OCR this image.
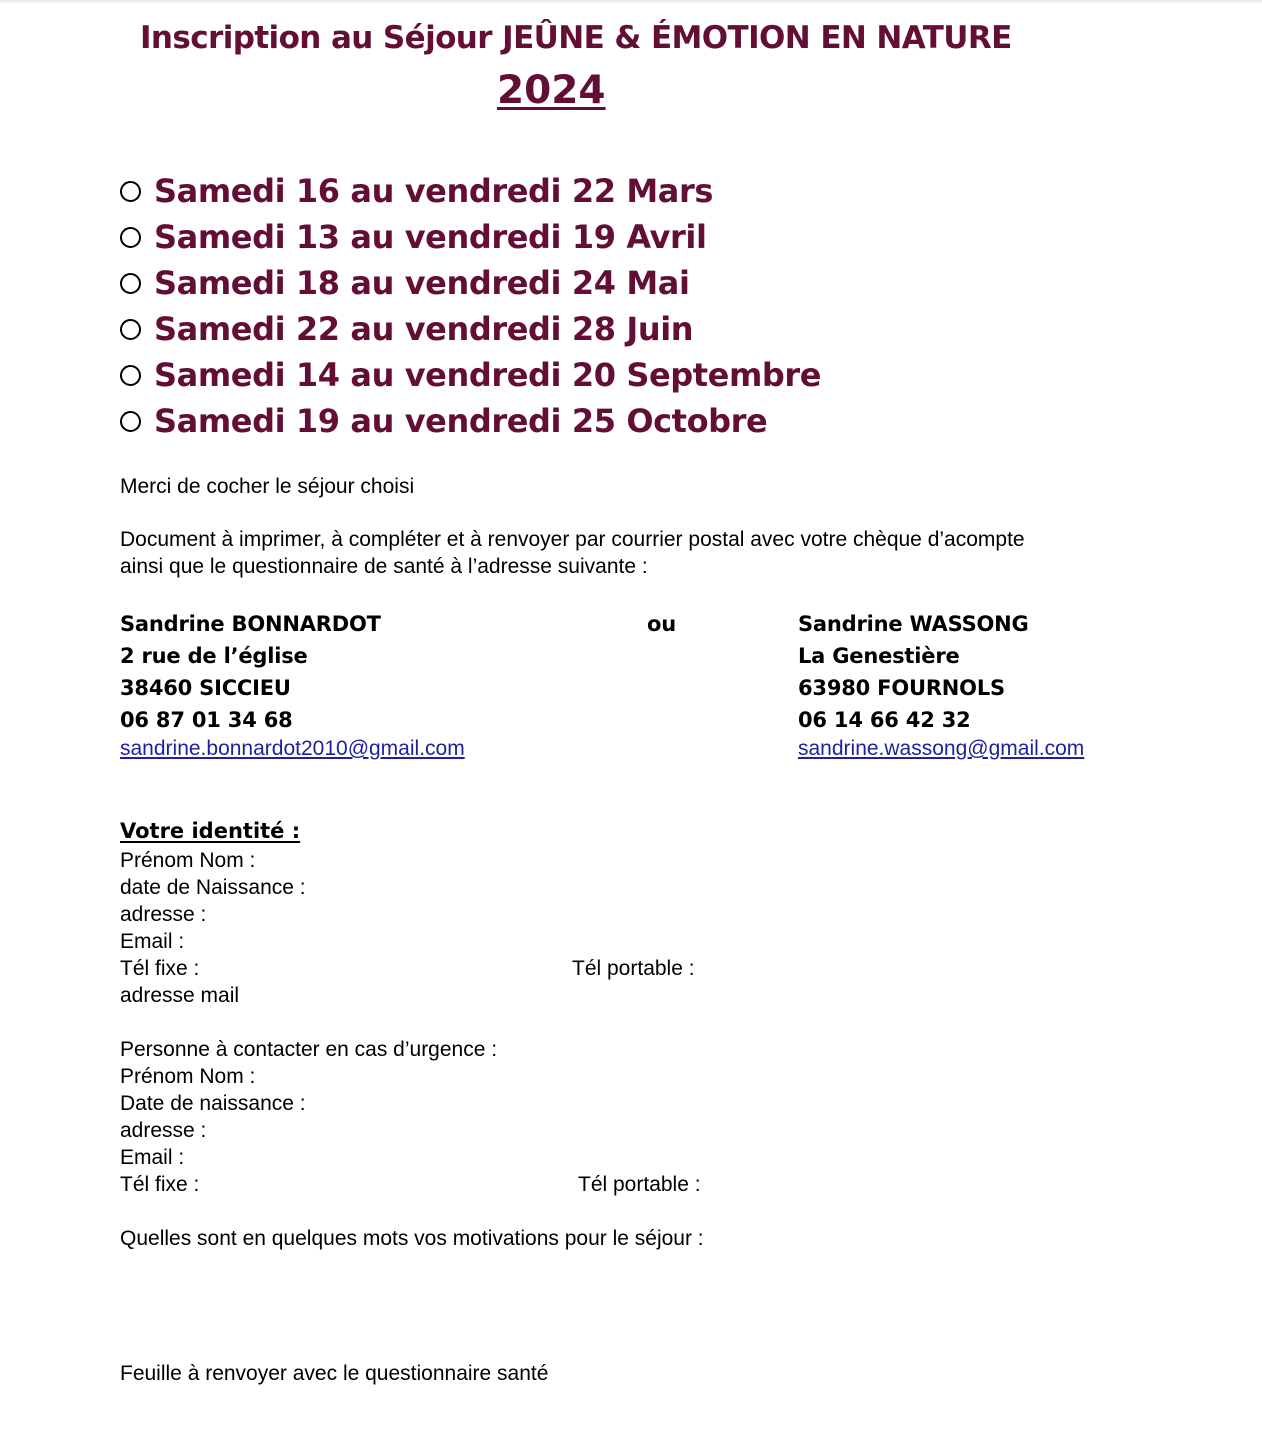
Inscription au Séjour JEÛNE & ÉMOTION EN NATURE
2024
Samedi 16 au vendredi 22 Mars
Samedi 13 au vendredi 19 Avril
Samedi 18 au vendredi 24 Mai
Samedi 22 au vendredi 28 Juin
Samedi 14 au vendredi 20 Septembre
Samedi 19 au vendredi 25 Octobre
Merci de cocher le séjour choisi
Document à imprimer, à compléter et à renvoyer par courrier postal avec votre chèque d’acompte
ainsi que le questionnaire de santé à l’adresse suivante :
Sandrine BONNARDOT
2 rue de l’église
38460 SICCIEU
06 87 01 34 68
sandrine.bonnardot2010@gmail.com
ou	Sandrine WASSONG
La Genestière
63980 FOURNOLS
06 14 66 42 32
sandrine.wassong@gmail.com
Votre identité :
Prénom Nom :
date de Naissance :
adresse :
Email :
Tél fixe :
adresse mail
Tél portable :
Personne à contacter en cas d’urgence :
Prénom Nom :
Date de naissance :
adresse :
Email :
Tél fixe :	Tél portable :
Quelles sont en quelques mots vos motivations pour le séjour :
Feuille à renvoyer avec le questionnaire santé
